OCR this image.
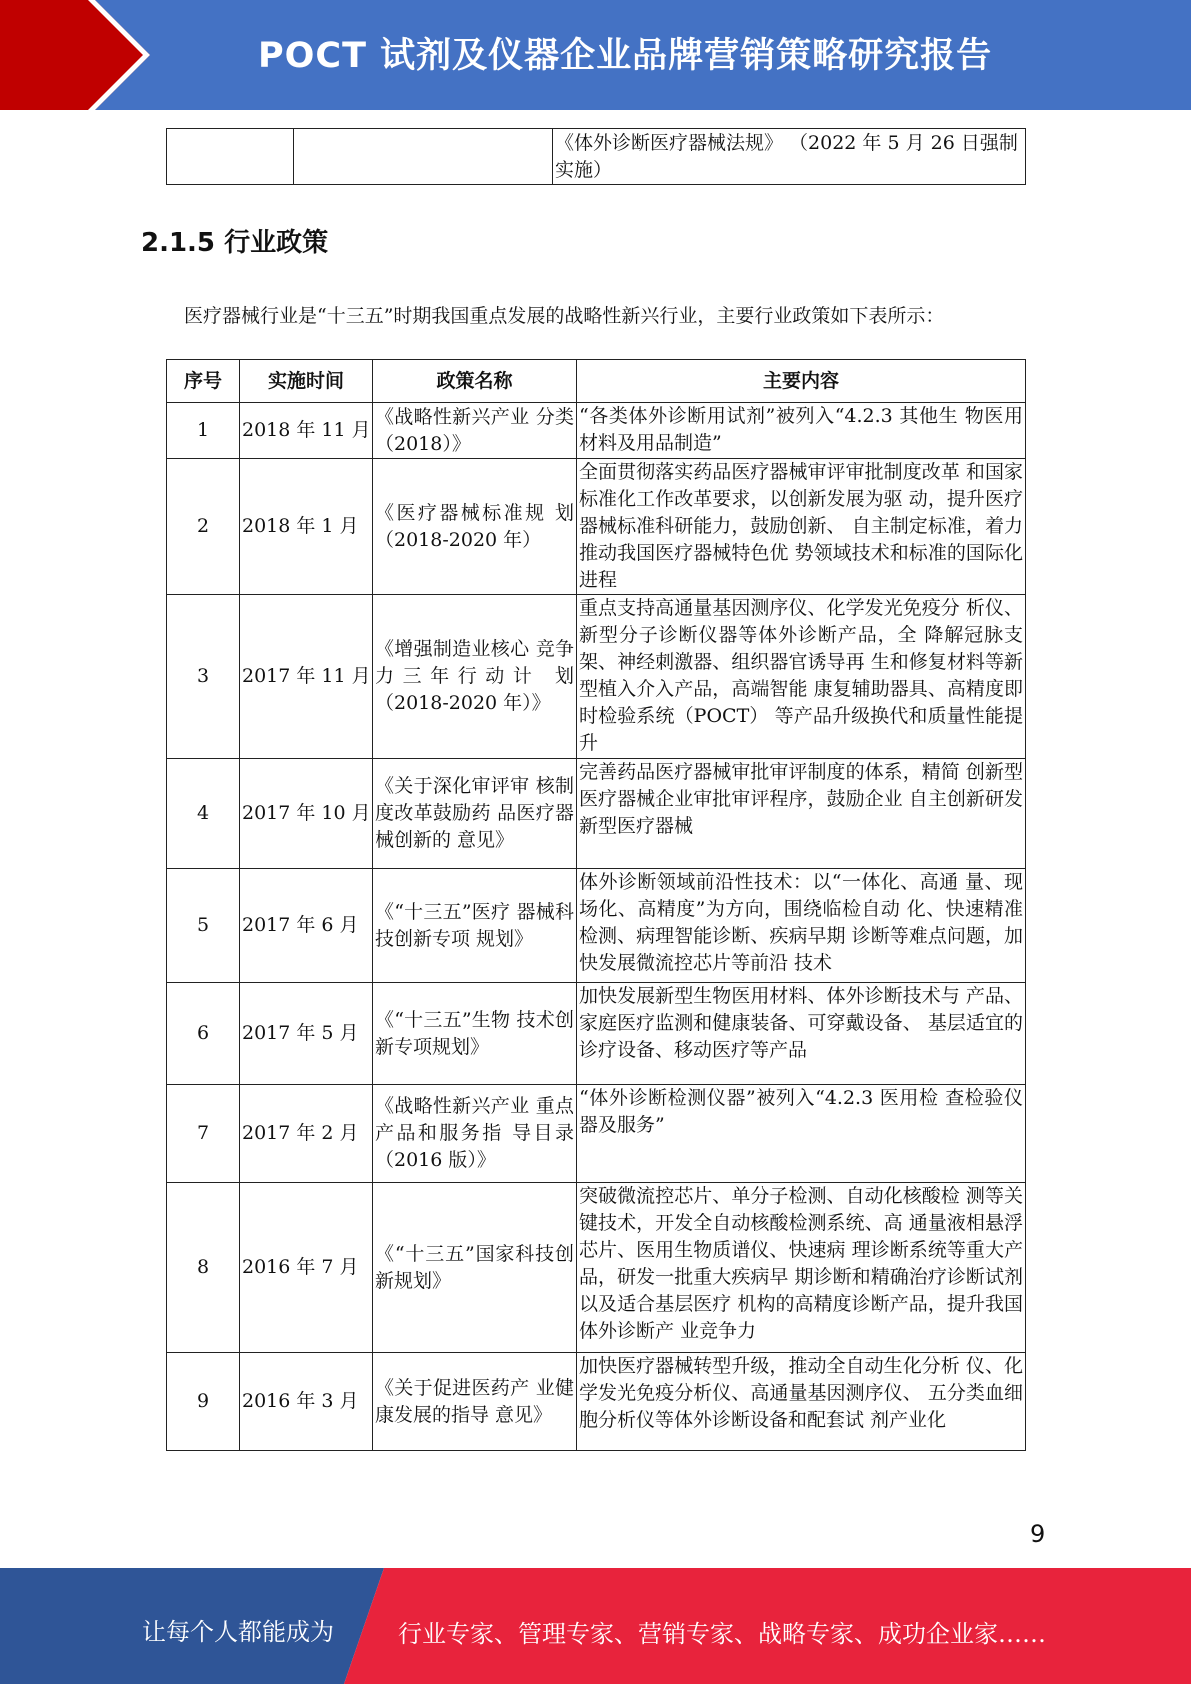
POCT 试剂及仪器企业品牌营销策略研究报告
		《体外诊断医疗器械法规》 （2022 年 5 月 26 日强制实施）
2.1.5 行业政策
医疗器械行业是“十三五”时期我国重点发展的战略性新兴行业，主要行业政策如下表所示：
序号	实施时间	政策名称	主要内容
1	2018 年 11 月	《战略性新兴产业 分类（2018）》	“各类体外诊断用试剂”被列入“4.2.3 其他生 物医用材料及用品制造”
2	2018 年 1 月	《医疗器械标准规 划（2018-2020 年）	全面贯彻落实药品医疗器械审评审批制度改革 和国家标准化工作改革要求，以创新发展为驱 动，提升医疗器械标准科研能力，鼓励创新、 自主制定标准，着力推动我国医疗器械特色优 势领域技术和标准的国际化进程
3	2017 年 11 月	《增强制造业核心 竞争力三年行动计 划（2018-2020 年）》	重点支持高通量基因测序仪、化学发光免疫分 析仪、新型分子诊断仪器等体外诊断产品，全 降解冠脉支架、神经刺激器、组织器官诱导再 生和修复材料等新型植入介入产品，高端智能 康复辅助器具、高精度即时检验系统（POCT） 等产品升级换代和质量性能提升
4	2017 年 10 月	《关于深化审评审 核制度改革鼓励药 品医疗器械创新的 意见》	完善药品医疗器械审批审评制度的体系，精简 创新型医疗器械企业审批审评程序，鼓励企业 自主创新研发新型医疗器械
5	2017 年 6 月	《“十三五”医疗 器械科技创新专项 规划》	体外诊断领域前沿性技术：以“一体化、高通 量、现场化、高精度”为方向，围绕临检自动 化、快速精准检测、病理智能诊断、疾病早期 诊断等难点问题，加快发展微流控芯片等前沿 技术
6	2017 年 5 月	《“十三五”生物 技术创新专项规划》	加快发展新型生物医用材料、体外诊断技术与 产品、家庭医疗监测和健康装备、可穿戴设备、 基层适宜的诊疗设备、移动医疗等产品
7	2017 年 2 月	《战略性新兴产业 重点产品和服务指 导目录（2016 版）》	“体外诊断检测仪器”被列入“4.2.3 医用检 查检验仪器及服务”
8	2016 年 7 月	《“十三五”国家科技创新规划》	突破微流控芯片、单分子检测、自动化核酸检 测等关键技术，开发全自动核酸检测系统、高 通量液相悬浮芯片、医用生物质谱仪、快速病 理诊断系统等重大产品，研发一批重大疾病早 期诊断和精确治疗诊断试剂以及适合基层医疗 机构的高精度诊断产品，提升我国体外诊断产 业竞争力
9	2016 年 3 月	《关于促进医药产 业健康发展的指导 意见》	加快医疗器械转型升级，推动全自动生化分析 仪、化学发光免疫分析仪、高通量基因测序仪、 五分类血细胞分析仪等体外诊断设备和配套试 剂产业化
9
让每个人都能成为	行业专家、管理专家、营销专家、战略专家、成功企业家……
